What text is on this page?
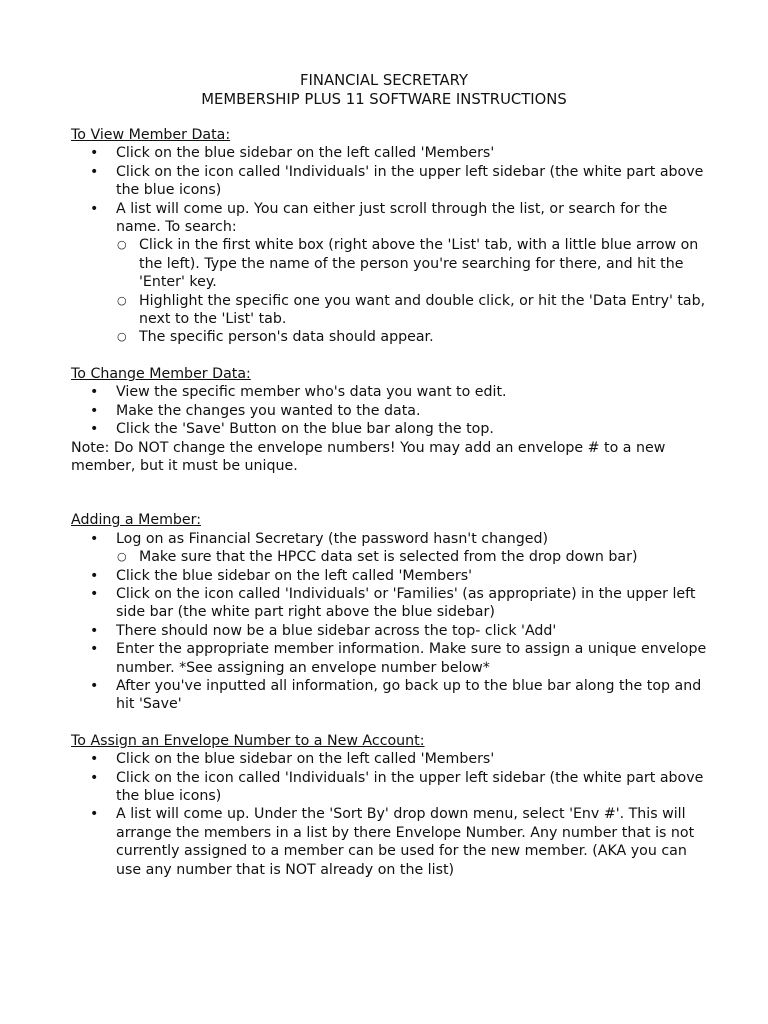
FINANCIAL SECRETARY
MEMBERSHIP PLUS 11 SOFTWARE INSTRUCTIONS
To View Member Data:
• Click on the blue sidebar on the left called 'Members'
• Click on the icon called 'Individuals' in the upper left sidebar (the white part above the blue icons)
• A list will come up. You can either just scroll through the list, or search for the name. To search:
○ Click in the first white box (right above the 'List' tab, with a little blue arrow on the left). Type the name of the person you're searching for there, and hit the 'Enter' key.
○ Highlight the specific one you want and double click, or hit the 'Data Entry' tab, next to the 'List' tab.
○ The specific person's data should appear.
To Change Member Data:
• View the specific member who's data you want to edit.
• Make the changes you wanted to the data.
• Click the 'Save' Button on the blue bar along the top.
Note: Do NOT change the envelope numbers! You may add an envelope # to a new member, but it must be unique.
Adding a Member:
• Log on as Financial Secretary (the password hasn't changed)
○ Make sure that the HPCC data set is selected from the drop down bar)
• Click the blue sidebar on the left called 'Members'
• Click on the icon called 'Individuals' or 'Families' (as appropriate) in the upper left side bar (the white part right above the blue sidebar)
• There should now be a blue sidebar across the top- click 'Add'
• Enter the appropriate member information. Make sure to assign a unique envelope number. *See assigning an envelope number below*
• After you've inputted all information, go back up to the blue bar along the top and hit 'Save'
To Assign an Envelope Number to a New Account:
• Click on the blue sidebar on the left called 'Members'
• Click on the icon called 'Individuals' in the upper left sidebar (the white part above the blue icons)
• A list will come up. Under the 'Sort By' drop down menu, select 'Env #'. This will arrange the members in a list by there Envelope Number. Any number that is not currently assigned to a member can be used for the new member. (AKA you can use any number that is NOT already on the list)
